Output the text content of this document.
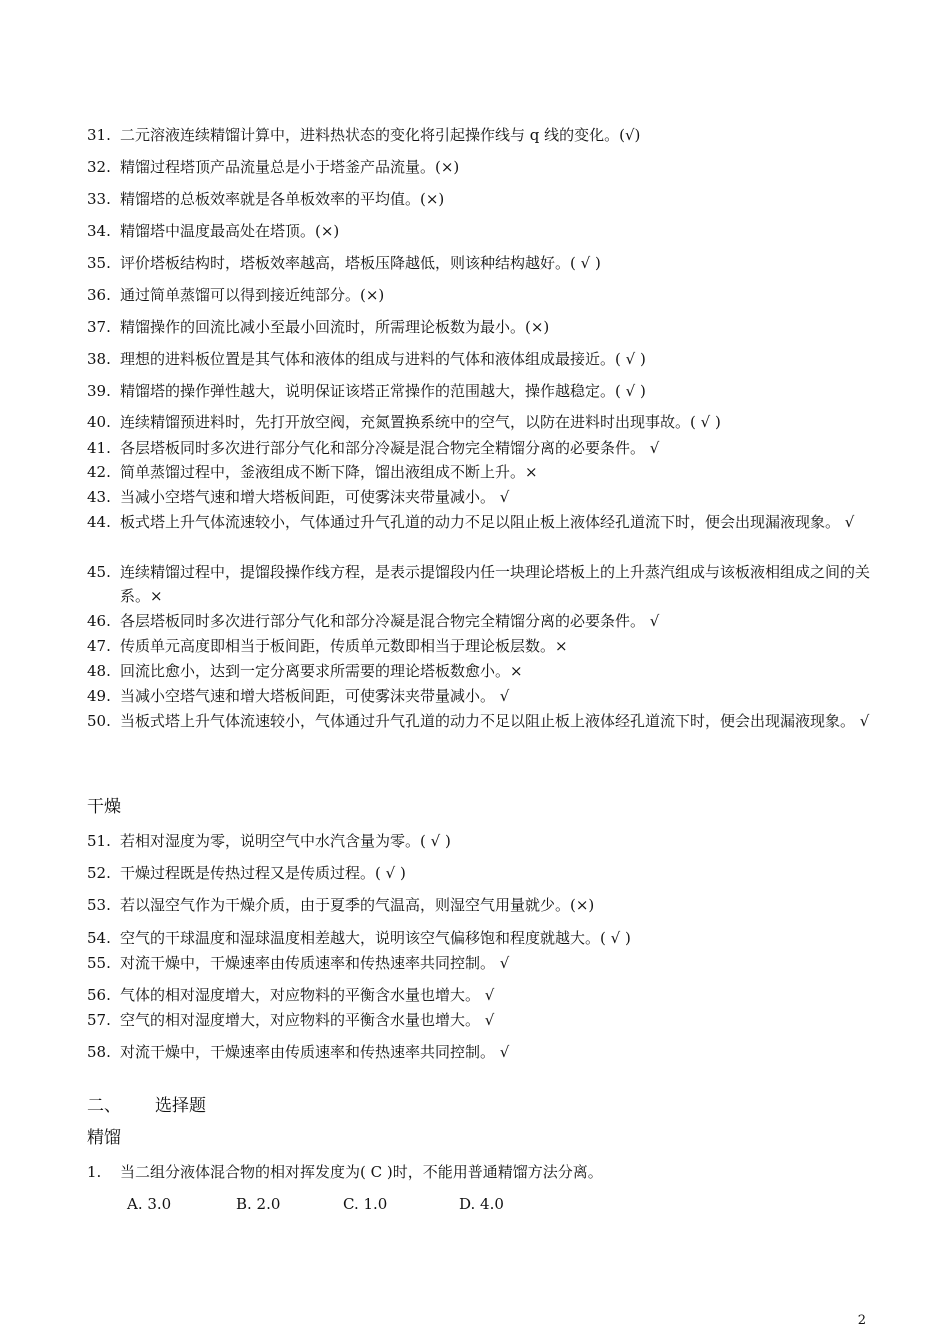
31. 二元溶液连续精馏计算中，进料热状态的变化将引起操作线与 q 线的变化。(√)
32. 精馏过程塔顶产品流量总是小于塔釜产品流量。(×)
33. 精馏塔的总板效率就是各单板效率的平均值。(×)
34. 精馏塔中温度最高处在塔顶。(×)
35. 评价塔板结构时，塔板效率越高，塔板压降越低，则该种结构越好。( √ )
36. 通过简单蒸馏可以得到接近纯部分。(×)
37. 精馏操作的回流比减小至最小回流时，所需理论板数为最小。(×)
38. 理想的进料板位置是其气体和液体的组成与进料的气体和液体组成最接近。( √ )
39. 精馏塔的操作弹性越大，说明保证该塔正常操作的范围越大，操作越稳定。( √ )
40. 连续精馏预进料时，先打开放空阀，充氮置换系统中的空气，以防在进料时出现事故。( √ )
41. 各层塔板同时多次进行部分气化和部分冷凝是混合物完全精馏分离的必要条件。 √
42. 简单蒸馏过程中，釜液组成不断下降，馏出液组成不断上升。×
43. 当减小空塔气速和增大塔板间距，可使雾沫夹带量减小。 √
44. 板式塔上升气体流速较小，气体通过升气孔道的动力不足以阻止板上液体经孔道流下时，便会出现漏液现象。 √
45. 连续精馏过程中，提馏段操作线方程，是表示提馏段内任一块理论塔板上的上升蒸汽组成与该板液相组成之间的关系。×
46. 各层塔板同时多次进行部分气化和部分冷凝是混合物完全精馏分离的必要条件。 √
47. 传质单元高度即相当于板间距，传质单元数即相当于理论板层数。×
48. 回流比愈小，达到一定分离要求所需要的理论塔板数愈小。×
49. 当减小空塔气速和增大塔板间距，可使雾沫夹带量减小。 √
50. 当板式塔上升气体流速较小，气体通过升气孔道的动力不足以阻止板上液体经孔道流下时，便会出现漏液现象。 √
干燥
51. 若相对湿度为零，说明空气中水汽含量为零。( √ )
52. 干燥过程既是传热过程又是传质过程。( √ )
53. 若以湿空气作为干燥介质，由于夏季的气温高，则湿空气用量就少。(×)
54. 空气的干球温度和湿球温度相差越大，说明该空气偏移饱和程度就越大。( √ )
55. 对流干燥中，干燥速率由传质速率和传热速率共同控制。 √
56. 气体的相对湿度增大，对应物料的平衡含水量也增大。 √
57. 空气的相对湿度增大，对应物料的平衡含水量也增大。 √
58. 对流干燥中，干燥速率由传质速率和传热速率共同控制。 √
二、 选择题
精馏
1.	当二组分液体混合物的相对挥发度为( C )时，不能用普通精馏方法分离。
A. 3.0	B. 2.0	C. 1.0	D. 4.0
2
